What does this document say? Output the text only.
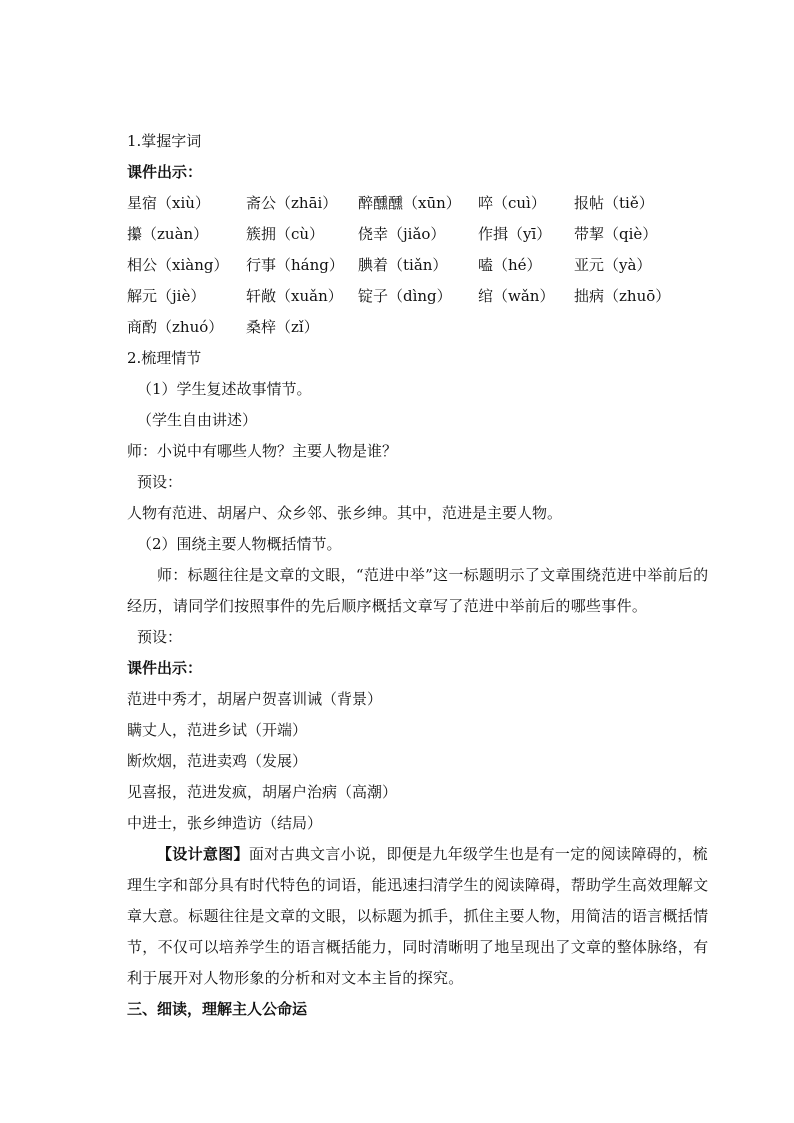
1.掌握字词
课件出示：
星宿（xiù）	斋公（zhāi）	醉醺醺（xūn）	啐（cuì）	报帖（tiě）
攥（zuàn）	簇拥（cù）	侥幸（jiǎo）	作揖（yī）	带挈（qiè）
相公（xiàng）	行事（háng） 腆着（tiǎn）	嗑（hé）	亚元（yà）
解元（jiè）	轩敞（xuǎn）	锭子（dìng）	绾（wǎn）	拙病（zhuō）
商酌（zhuó）	桑梓（zǐ）
2.梳理情节
（1）学生复述故事情节。
（学生自由讲述）
师：小说中有哪些人物？主要人物是谁？
预设：
人物有范进、胡屠户、众乡邻、张乡绅。其中，范进是主要人物。
（2）围绕主要人物概括情节。
师：标题往往是文章的文眼，“范进中举”这一标题明示了文章围绕范进中举前后的经历，请同学们按照事件的先后顺序概括文章写了范进中举前后的哪些事件。
预设：
课件出示：
范进中秀才，胡屠户贺喜训诫（背景）
瞒丈人，范进乡试（开端）
断炊烟，范进卖鸡（发展）
见喜报，范进发疯，胡屠户治病（高潮）
中进士，张乡绅造访（结局）
【设计意图】面对古典文言小说，即便是九年级学生也是有一定的阅读障碍的，梳理生字和部分具有时代特色的词语，能迅速扫清学生的阅读障碍，帮助学生高效理解文章大意。标题往往是文章的文眼，以标题为抓手，抓住主要人物，用简洁的语言概括情节，不仅可以培养学生的语言概括能力，同时清晰明了地呈现出了文章的整体脉络，有利于展开对人物形象的分析和对文本主旨的探究。
三、细读，理解主人公命运
